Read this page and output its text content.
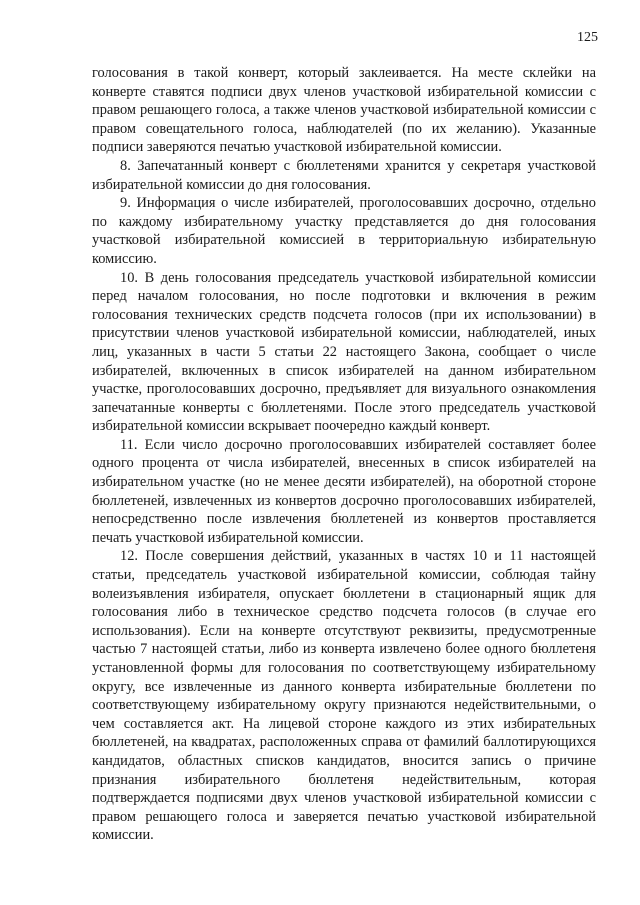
125

голосования в такой конверт, который заклеивается. На месте склейки на конверте ставятся подписи двух членов участковой избирательной комиссии с правом решающего голоса, а также членов участковой избирательной комиссии с правом совещательного голоса, наблюдателей (по их желанию). Указанные подписи заверяются печатью участковой избирательной комиссии.

8. Запечатанный конверт с бюллетенями хранится у секретаря участковой избирательной комиссии до дня голосования.

9. Информация о числе избирателей, проголосовавших досрочно, отдельно по каждому избирательному участку представляется до дня голосования участковой избирательной комиссией в территориальную избирательную комиссию.

10. В день голосования председатель участковой избирательной комиссии перед началом голосования, но после подготовки и включения в режим голосования технических средств подсчета голосов (при их использовании) в присутствии членов участковой избирательной комиссии, наблюдателей, иных лиц, указанных в части 5 статьи 22 настоящего Закона, сообщает о числе избирателей, включенных в список избирателей на данном избирательном участке, проголосовавших досрочно, предъявляет для визуального ознакомления запечатанные конверты с бюллетенями. После этого председатель участковой избирательной комиссии вскрывает поочередно каждый конверт.

11. Если число досрочно проголосовавших избирателей составляет более одного процента от числа избирателей, внесенных в список избирателей на избирательном участке (но не менее десяти избирателей), на оборотной стороне бюллетеней, извлеченных из конвертов досрочно проголосовавших избирателей, непосредственно после извлечения бюллетеней из конвертов проставляется печать участковой избирательной комиссии.

12. После совершения действий, указанных в частях 10 и 11 настоящей статьи, председатель участковой избирательной комиссии, соблюдая тайну волеизъявления избирателя, опускает бюллетени в стационарный ящик для голосования либо в техническое средство подсчета голосов (в случае его использования). Если на конверте отсутствуют реквизиты, предусмотренные частью 7 настоящей статьи, либо из конверта извлечено более одного бюллетеня установленной формы для голосования по соответствующему избирательному округу, все извлеченные из данного конверта избирательные бюллетени по соответствующему избирательному округу признаются недействительными, о чем составляется акт. На лицевой стороне каждого из этих избирательных бюллетеней, на квадратах, расположенных справа от фамилий баллотирующихся кандидатов, областных списков кандидатов, вносится запись о причине признания избирательного бюллетеня недействительным, которая подтверждается подписями двух членов участковой избирательной комиссии с правом решающего голоса и заверяется печатью участковой избирательной комиссии.
